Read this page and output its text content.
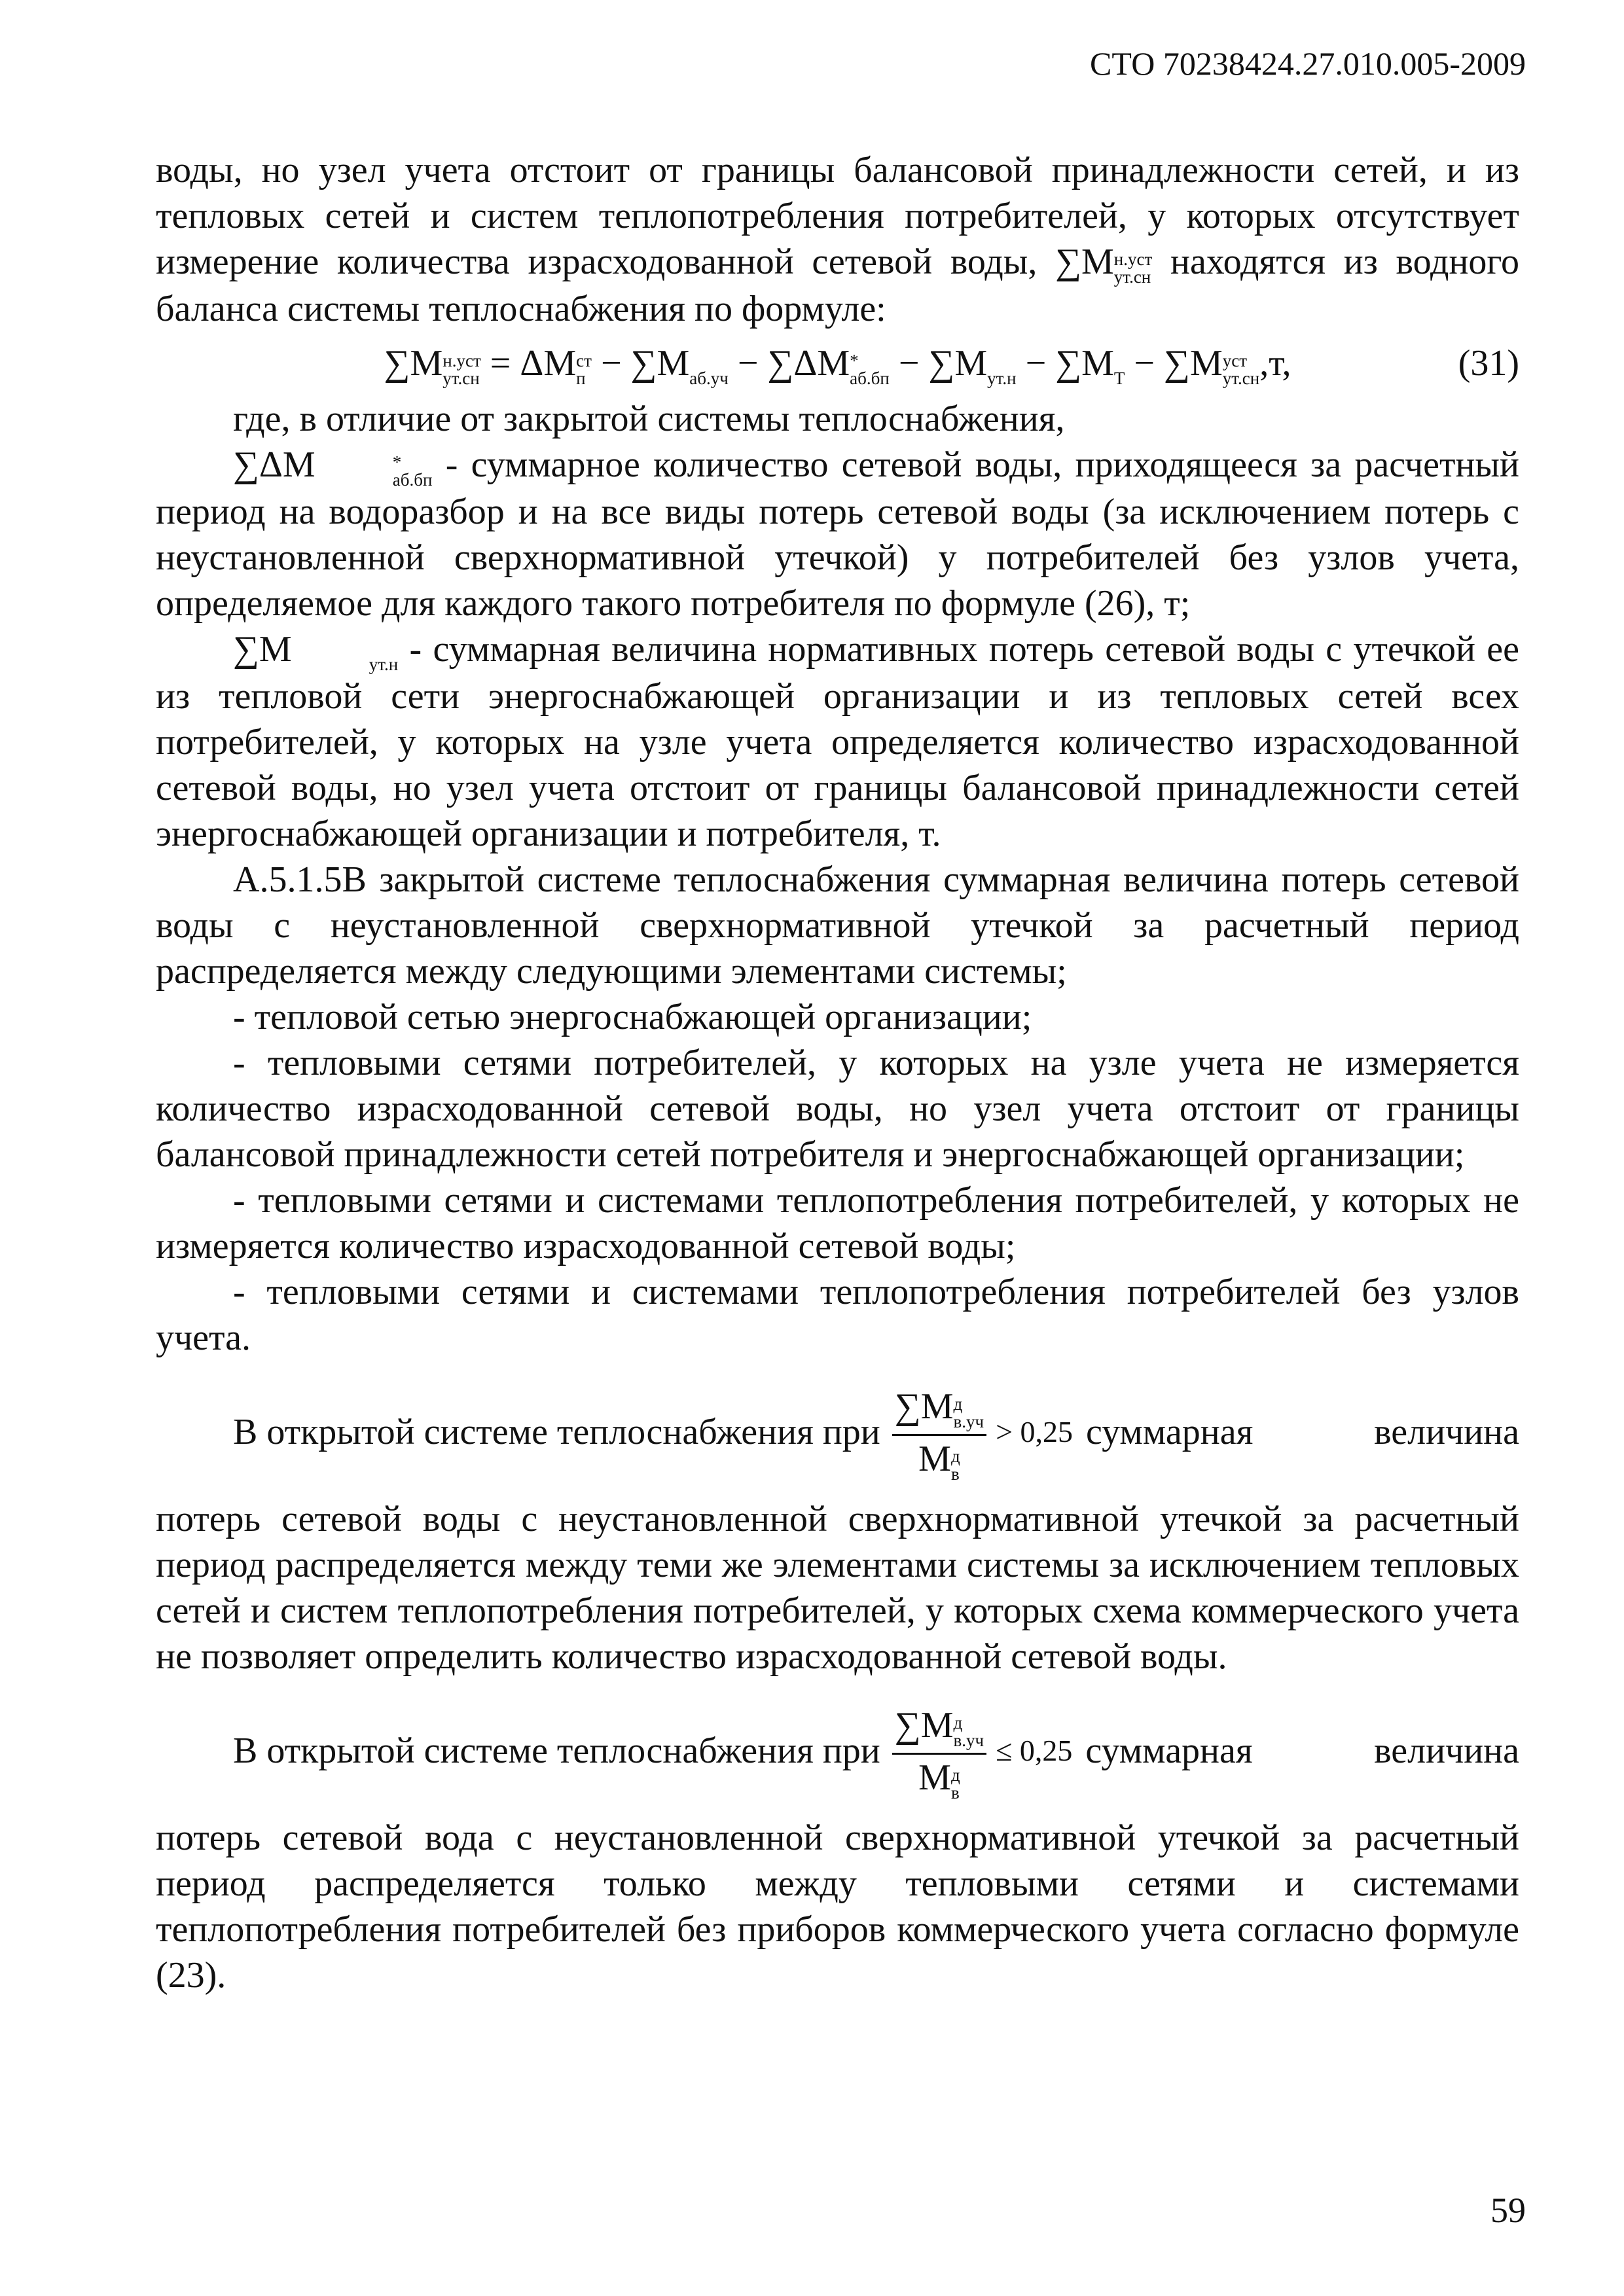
СТО 70238424.27.010.005-2009

воды, но узел учета отстоит от границы балансовой принадлежности сетей, и из тепловых сетей и систем теплопотребления потребителей, у которых отсутствует измерение количества израсходованной сетевой воды, ∑M н.уст
ут.сн находятся из водного баланса системы теплоснабжения по формуле:

∑M н.уст
ут.сн = ΔM ст
п − ∑M
аб.уч − ∑ΔM *
аб.бп − ∑M
ут.н − ∑M
Т − ∑M уст
ут.сн ,т,	(31)

где, в отличие от закрытой системы теплоснабжения,

∑ΔM	*
аб.бп - суммарное количество сетевой воды, приходящееся за расчетный период на водоразбор и на все виды потерь сетевой воды (за исключением потерь с неустановленной сверхнормативной утечкой) у потребителей без узлов учета, определяемое для каждого такого потребителя по формуле (26), т;

∑M
	ут.н - суммарная величина нормативных потерь сетевой воды с утечкой ее из тепловой сети энергоснабжающей организации и из тепловых сетей всех потребителей, у которых на узле учета определяется количество израсходованной сетевой воды, но узел учета отстоит от границы балансовой принадлежности сетей энергоснабжающей организации и потребителя, т.

А.5.1.5В закрытой системе теплоснабжения суммарная величина потерь сетевой воды с неустановленной сверхнормативной утечкой за расчетный период распределяется между следующими элементами системы;

- тепловой сетью энергоснабжающей организации;

- тепловыми сетями потребителей, у которых на узле учета не измеряется количество израсходованной сетевой воды, но узел учета отстоит от границы балансовой принадлежности сетей потребителя и энергоснабжающей организации;

- тепловыми сетями и системами теплопотребления потребителей, у которых не измеряется количество израсходованной сетевой воды;

- тепловыми сетями и системами теплопотребления потребителей без узлов учета.

В открытой системе теплоснабжения при ∑M д
в.уч
M д
в > 0,25 суммарная величина

потерь сетевой воды с неустановленной сверхнормативной утечкой за расчетный период распределяется между теми же элементами системы за исключением тепловых сетей и систем теплопотребления потребителей, у которых схема коммерческого учета не позволяет определить количество израсходованной сетевой воды.

В открытой системе теплоснабжения при ∑M д
в.уч
M д
в ≤ 0,25 суммарная величина

потерь сетевой вода с неустановленной сверхнормативной утечкой за расчетный период распределяется только между тепловыми сетями и системами теплопотребления потребителей без приборов коммерческого учета согласно формуле (23).

59
